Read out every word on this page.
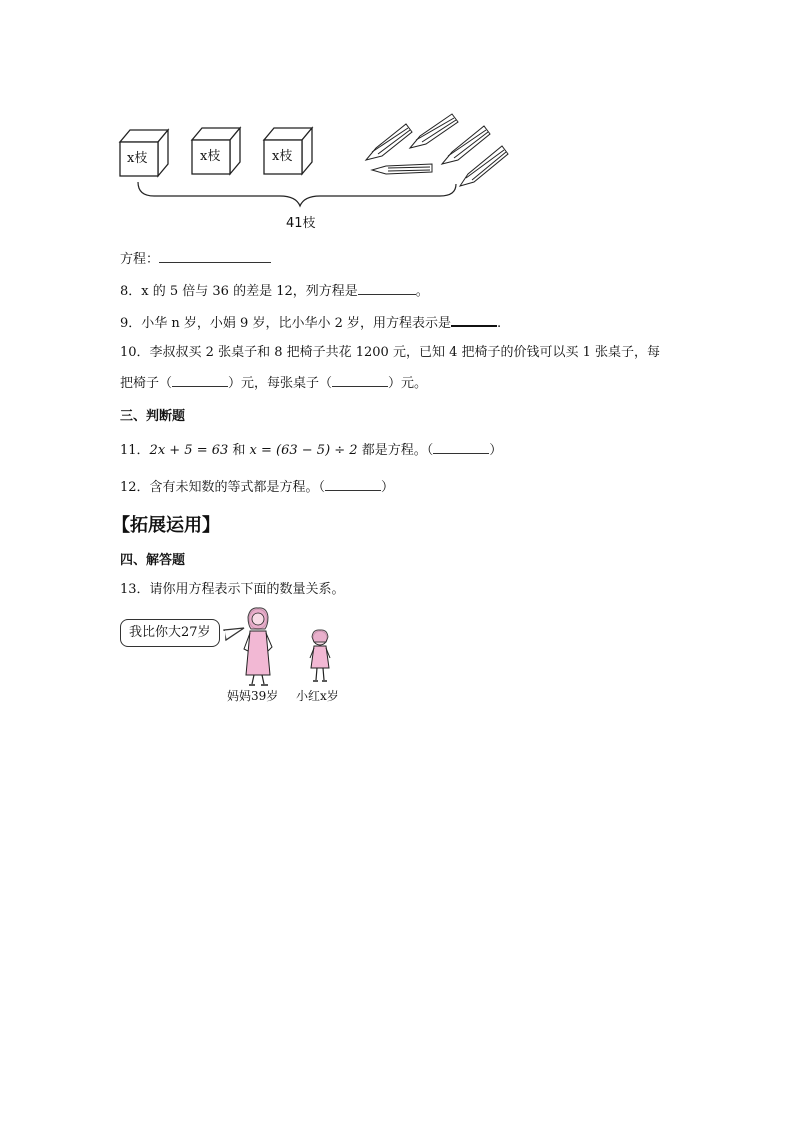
x枝	x枝	x枝
41枝
方程：
8．x 的 5 倍与 36 的差是 12，列方程是	。
9．小华 n 岁，小娟 9 岁，比小华小 2 岁，用方程表示是	.
10．李叔叔买 2 张桌子和 8 把椅子共花 1200 元，已知 4 把椅子的价钱可以买 1 张桌子，每
把椅子（	）元，每张桌子（	）元。
三、判断题
11．2x + 5 = 63 和 x = (63 − 5) ÷ 2 都是方程。（	）
12．含有未知数的等式都是方程。（	）
【拓展运用】
四、解答题
13．请你用方程表示下面的数量关系。
我比你大27岁
妈妈39岁 小红x岁
